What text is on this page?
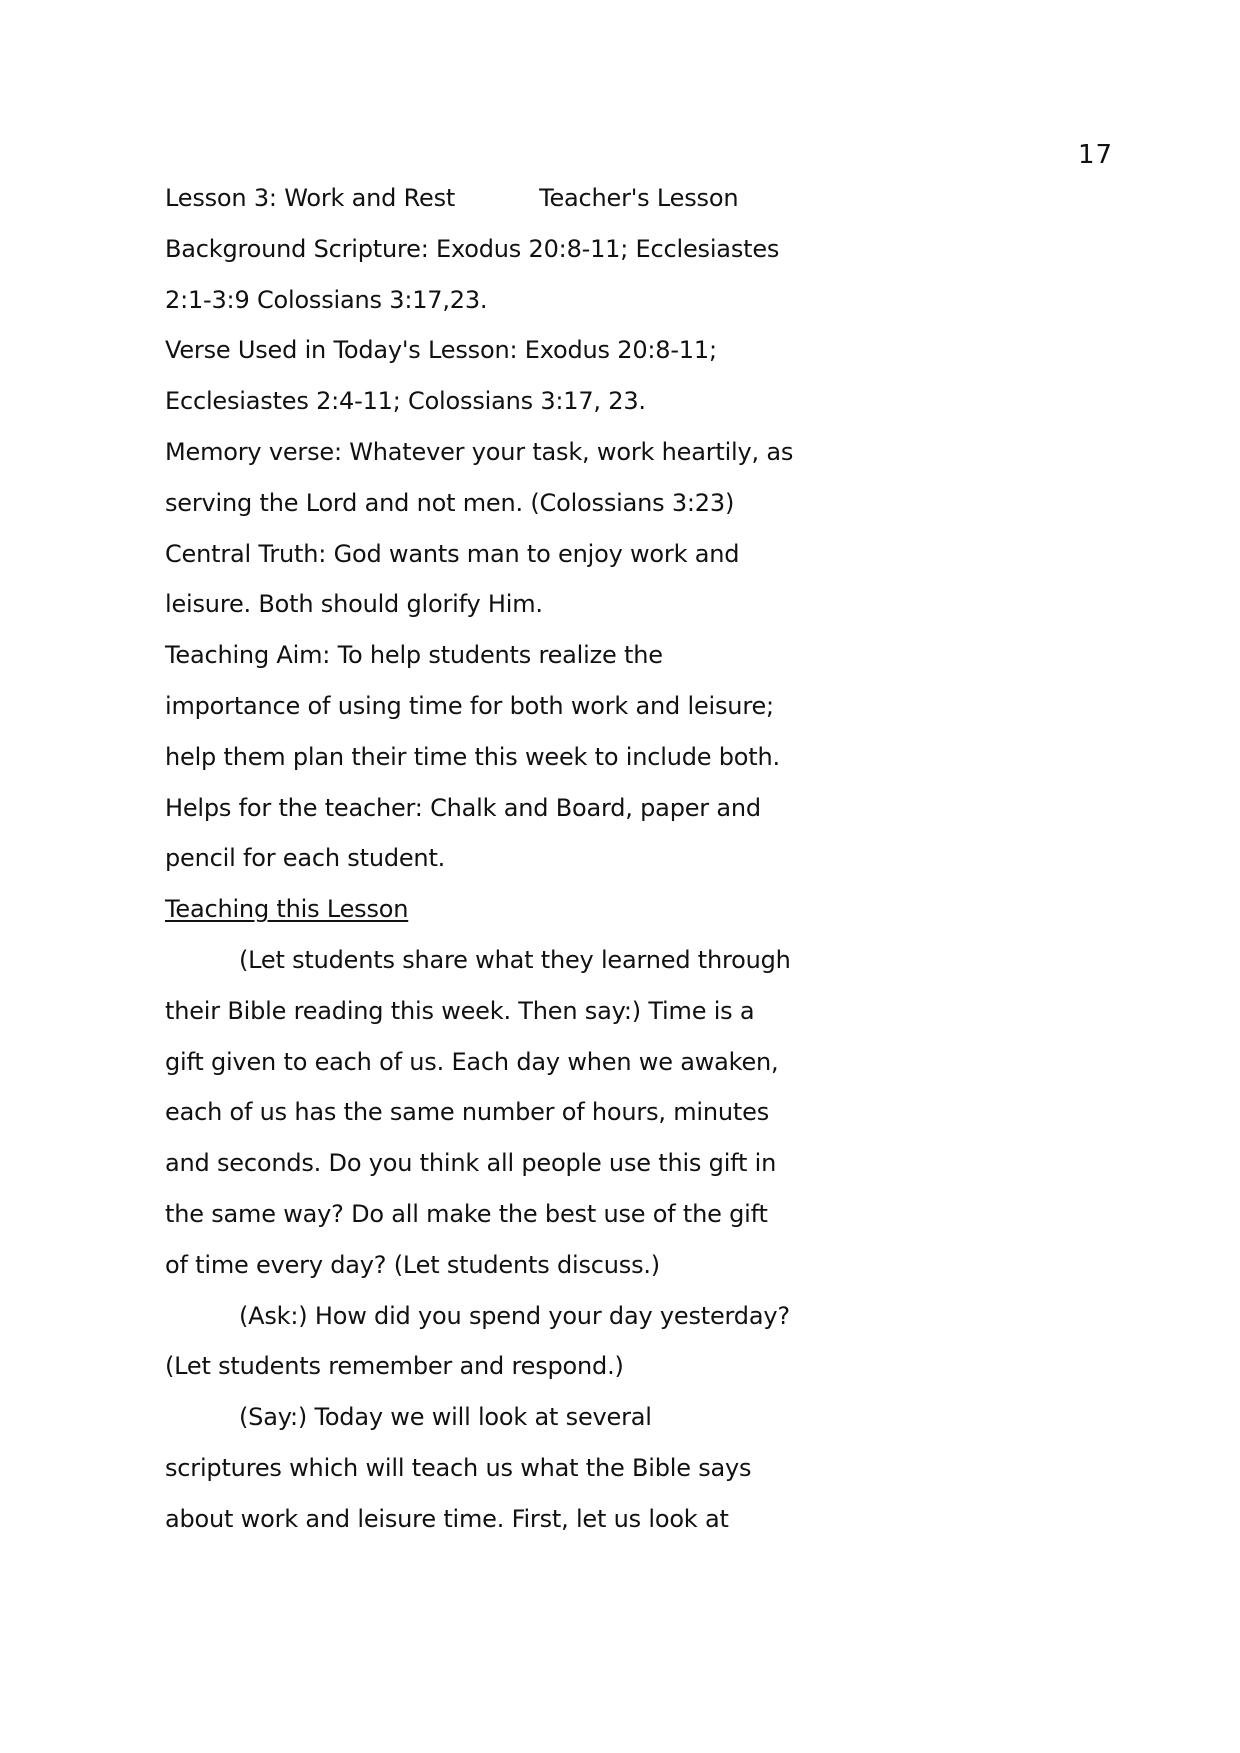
17
Lesson 3: Work and Rest	Teacher's Lesson
Background Scripture: Exodus 20:8-11; Ecclesiastes
2:1-3:9 Colossians 3:17,23.
Verse Used in Today's Lesson: Exodus 20:8-11;
Ecclesiastes 2:4-11; Colossians 3:17, 23.
Memory verse: Whatever your task, work heartily, as
serving the Lord and not men. (Colossians 3:23)
Central Truth: God wants man to enjoy work and
leisure. Both should glorify Him.
Teaching Aim: To help students realize the
importance of using time for both work and leisure;
help them plan their time this week to include both.
Helps for the teacher: Chalk and Board, paper and
pencil for each student.
Teaching this Lesson
(Let students share what they learned through
their Bible reading this week. Then say:) Time is a
gift given to each of us. Each day when we awaken,
each of us has the same number of hours, minutes
and seconds. Do you think all people use this gift in
the same way? Do all make the best use of the gift
of time every day? (Let students discuss.)
(Ask:) How did you spend your day yesterday?
(Let students remember and respond.)
(Say:) Today we will look at several
scriptures which will teach us what the Bible says
about work and leisure time. First, let us look at
